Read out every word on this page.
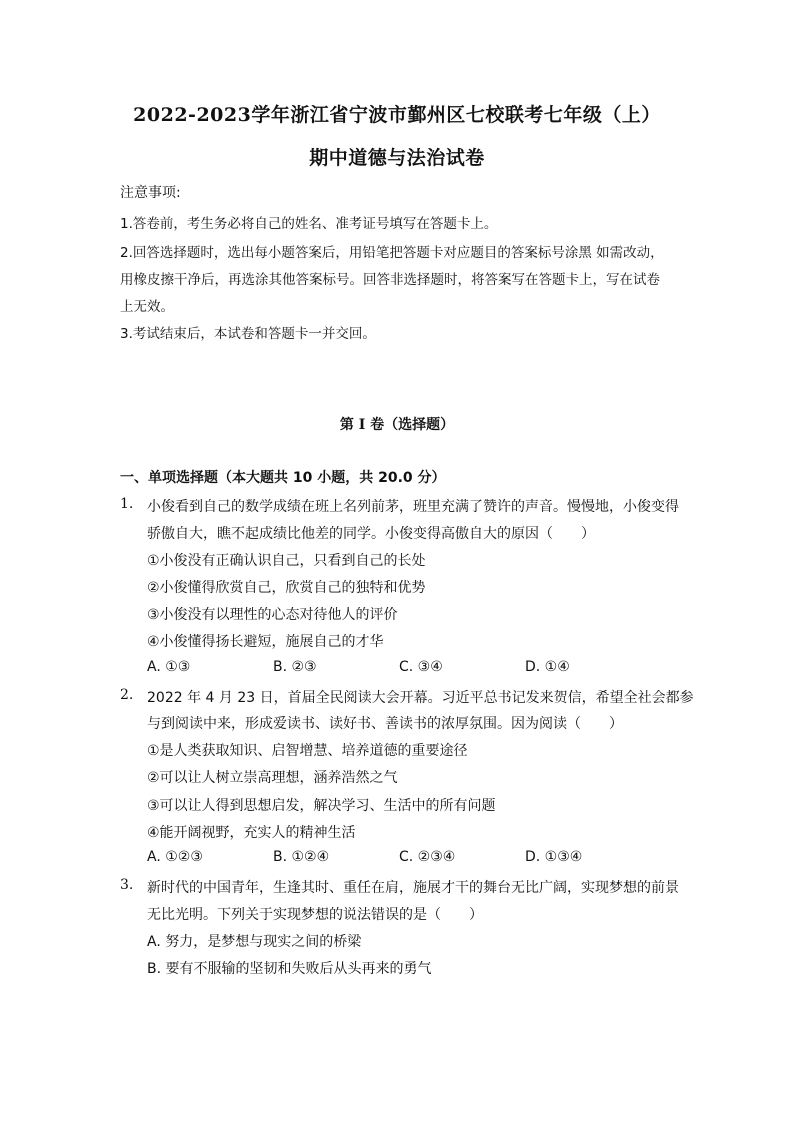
2022-2023学年浙江省宁波市鄞州区七校联考七年级（上）
期中道德与法治试卷
注意事项:
1.答卷前，考生务必将自己的姓名、准考证号填写在答题卡上。
2.回答选择题时，选出每小题答案后，用铅笔把答题卡对应题目的答案标号涂黑 如需改动，
用橡皮擦干净后，再选涂其他答案标号。回答非选择题时，将答案写在答题卡上，写在试卷
上无效。
3.考试结束后，本试卷和答题卡一并交回。
第 I 卷（选择题）
一、单项选择题（本大题共 10 小题，共 20.0 分）
1. 小俊看到自己的数学成绩在班上名列前茅，班里充满了赞许的声音。慢慢地，小俊变得
骄傲自大，瞧不起成绩比他差的同学。小俊变得高傲自大的原因（　　）
①小俊没有正确认识自己，只看到自己的长处
②小俊懂得欣赏自己，欣赏自己的独特和优势
③小俊没有以理性的心态对待他人的评价
④小俊懂得扬长避短，施展自己的才华
A. ①③	B. ②③	C. ③④	D. ①④
2. 2022 年 4 月 23 日，首届全民阅读大会开幕。习近平总书记发来贺信，希望全社会都参
与到阅读中来，形成爱读书、读好书、善读书的浓厚氛围。因为阅读（　　）
①是人类获取知识、启智增慧、培养道德的重要途径
②可以让人树立崇高理想，涵养浩然之气
③可以让人得到思想启发，解决学习、生活中的所有问题
④能开阔视野，充实人的精神生活
A. ①②③	B. ①②④	C. ②③④	D. ①③④
3. 新时代的中国青年，生逢其时、重任在肩，施展才干的舞台无比广阔，实现梦想的前景
无比光明。下列关于实现梦想的说法错误的是（　　）
A. 努力，是梦想与现实之间的桥梁
B. 要有不服输的坚韧和失败后从头再来的勇气
